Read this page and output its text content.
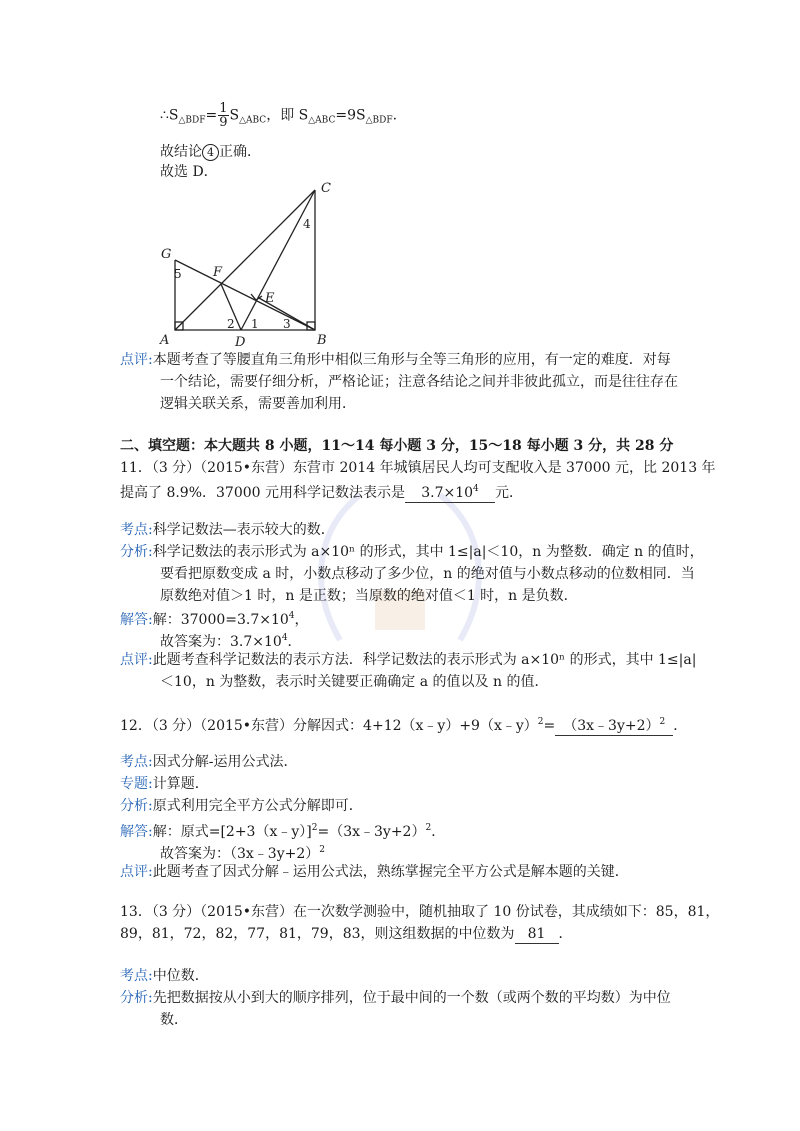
$\therefore S_{\triangle BDF}= \frac{1}{9} S_{\triangle ABC}$，即 $S_{\triangle ABC}=9S_{\triangle BDF}$.
故结论 4 正确．
故选 D．
C
G
F
E
A	D	B
1
2	3
4
5
点评:本题考查了等腰直角三角形中相似三角形与全等三角形的应用，有一定的难度．对每
一个结论，需要仔细分析，严格论证；注意各结论之间并非彼此孤立，而是往往存在
逻辑关联关系，需要善加利用．
二、填空题：本大题共 8 小题，11～14 每小题 3 分，15～18 每小题 3 分，共 28 分
11．（3 分）（2015•东营）东营市 2014 年城镇居民人均可支配收入是 37000 元，比 2013 年
提高了 8.9%．37000 元用科学记数法表示是 $3.7\times 10^4$ 元．
考点:科学记数法—表示较大的数．
分析:科学记数法的表示形式为 a×10ⁿ 的形式，其中 1≤|a|＜10，n 为整数．确定 n 的值时，
要看把原数变成 a 时，小数点移动了多少位，n 的绝对值与小数点移动的位数相同．当
原数绝对值＞1 时，n 是正数；当原数的绝对值＜1 时，n 是负数．
解答:解：$37000=3.7\times 10^4$，
故答案为：$3.7\times 10^4$．
点评:此题考查科学记数法的表示方法．科学记数法的表示形式为 a×10ⁿ 的形式，其中 1≤|a|
＜10，n 为整数，表示时关键要正确确定 a 的值以及 n 的值．
12．（3 分）（2015•东营）分解因式：4+12（x﹣y）+9（x﹣y）$^2$= （3x﹣3y+2）$^2$ ．
考点:因式分解-运用公式法．
专题:计算题．
分析:原式利用完全平方公式分解即可．
解答:解：原式=[2+3（x﹣y）]$^2$=（3x﹣3y+2）$^2$．
故答案为：（3x﹣3y+2）$^2$
点评:此题考查了因式分解﹣运用公式法，熟练掌握完全平方公式是解本题的关键．
13．（3 分）（2015•东营）在一次数学测验中，随机抽取了 10 份试卷，其成绩如下：85，81，
89，81，72，82，77，81，79，83，则这组数据的中位数为 81 ．
考点:中位数．
分析:先把数据按从小到大的顺序排列，位于最中间的一个数（或两个数的平均数）为中位
数．
